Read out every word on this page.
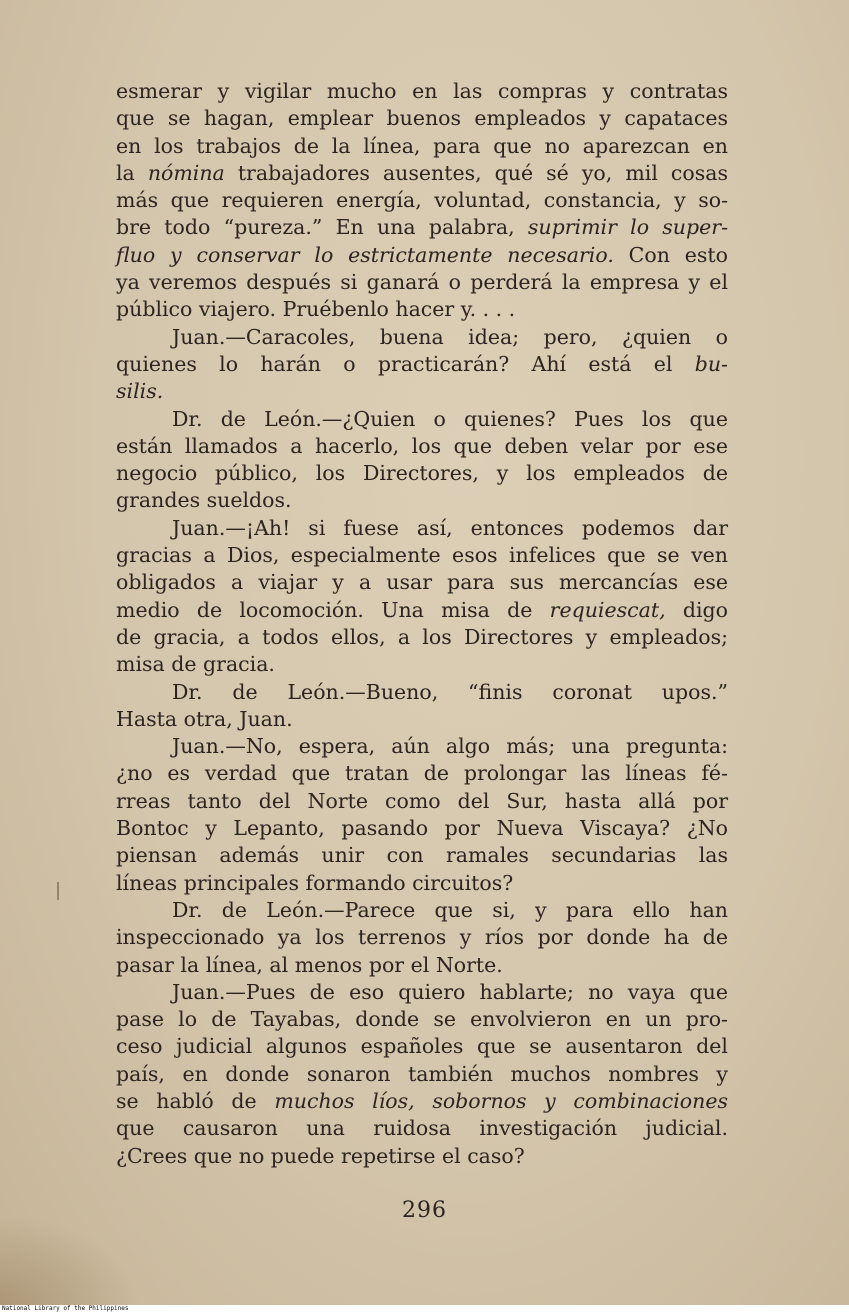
esmerar y vigilar mucho en las compras y contratas
que se hagan, emplear buenos empleados y capataces
en los trabajos de la línea, para que no aparezcan en
la nómina trabajadores ausentes, qué sé yo, mil cosas
más que requieren energía, voluntad, constancia, y so-
bre todo “pureza.” En una palabra, suprimir lo super-
fluo y conservar lo estrictamente necesario. Con esto
ya veremos después si ganará o perderá la empresa y el
público viajero. Pruébenlo hacer y. . . .
Juan.—Caracoles, buena idea; pero, ¿quien o
quienes lo harán o practicarán? Ahí está el bu-
silis.
Dr. de León.—¿Quien o quienes? Pues los que
están llamados a hacerlo, los que deben velar por ese
negocio público, los Directores, y los empleados de
grandes sueldos.
Juan.—¡Ah! si fuese así, entonces podemos dar
gracias a Dios, especialmente esos infelices que se ven
obligados a viajar y a usar para sus mercancías ese
medio de locomoción. Una misa de requiescat, digo
de gracia, a todos ellos, a los Directores y empleados;
misa de gracia.
Dr. de León.—Bueno, “finis coronat upos.”
Hasta otra, Juan.
Juan.—No, espera, aún algo más; una pregunta:
¿no es verdad que tratan de prolongar las líneas fé-
rreas tanto del Norte como del Sur, hasta allá por
Bontoc y Lepanto, pasando por Nueva Viscaya? ¿No
piensan además unir con ramales secundarias las
líneas principales formando circuitos?
Dr. de León.—Parece que si, y para ello han
inspeccionado ya los terrenos y ríos por donde ha de
pasar la línea, al menos por el Norte.
Juan.—Pues de eso quiero hablarte; no vaya que
pase lo de Tayabas, donde se envolvieron en un pro-
ceso judicial algunos españoles que se ausentaron del
país, en donde sonaron también muchos nombres y
se habló de muchos líos, sobornos y combinaciones
que causaron una ruidosa investigación judicial.
¿Crees que no puede repetirse el caso?
296
National Library of the Philippines
